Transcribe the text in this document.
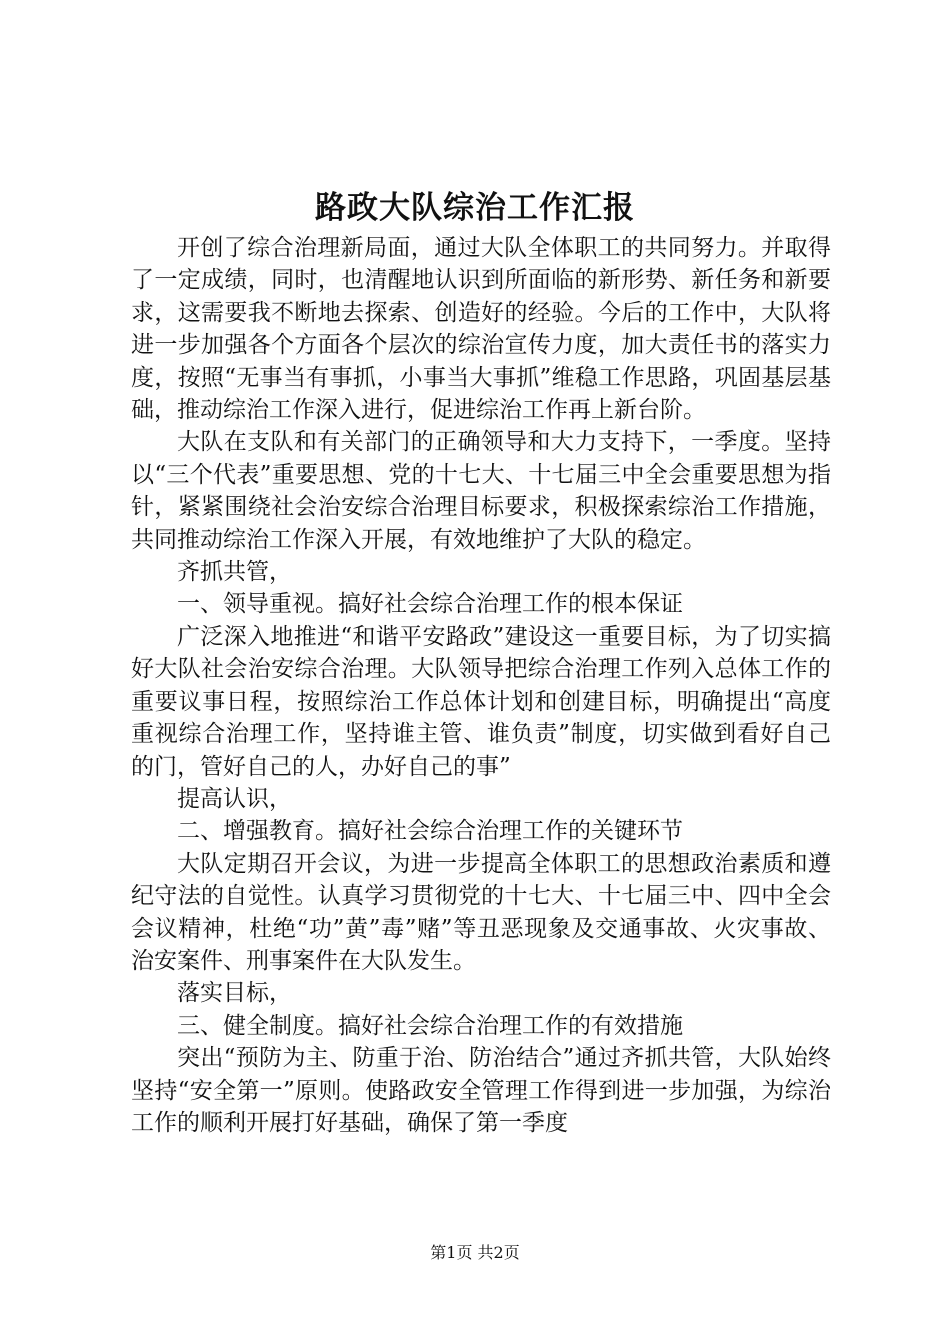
路政大队综治工作汇报

开创了综合治理新局面，通过大队全体职工的共同努力。并取得了一定成绩，同时，也清醒地认识到所面临的新形势、新任务和新要求，这需要我不断地去探索、创造好的经验。今后的工作中，大队将进一步加强各个方面各个层次的综治宣传力度，加大责任书的落实力度，按照“无事当有事抓，小事当大事抓”维稳工作思路，巩固基层基础，推动综治工作深入进行，促进综治工作再上新台阶。

大队在支队和有关部门的正确领导和大力支持下，一季度。坚持以“三个代表”重要思想、党的十七大、十七届三中全会重要思想为指针，紧紧围绕社会治安综合治理目标要求，积极探索综治工作措施，共同推动综治工作深入开展，有效地维护了大队的稳定。

齐抓共管，

一、领导重视。搞好社会综合治理工作的根本保证

广泛深入地推进“和谐平安路政”建设这一重要目标，为了切实搞好大队社会治安综合治理。大队领导把综合治理工作列入总体工作的重要议事日程，按照综治工作总体计划和创建目标，明确提出“高度重视综合治理工作，坚持谁主管、谁负责”制度，切实做到看好自己的门，管好自己的人，办好自己的事”

提高认识，

二、增强教育。搞好社会综合治理工作的关键环节

大队定期召开会议，为进一步提高全体职工的思想政治素质和遵纪守法的自觉性。认真学习贯彻党的十七大、十七届三中、四中全会会议精神，杜绝“功”黄”毒”赌”等丑恶现象及交通事故、火灾事故、治安案件、刑事案件在大队发生。

落实目标，

三、健全制度。搞好社会综合治理工作的有效措施

突出“预防为主、防重于治、防治结合”通过齐抓共管，大队始终坚持“安全第一”原则。使路政安全管理工作得到进一步加强，为综治工作的顺利开展打好基础，确保了第一季度

第1页 共2页
